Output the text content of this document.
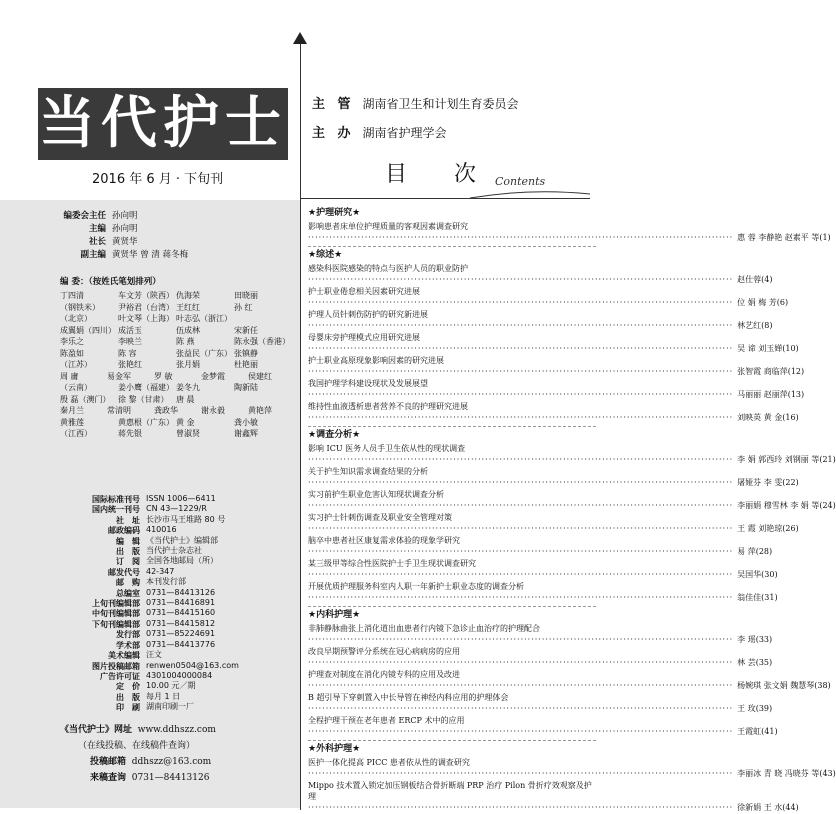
当代护士
2016 年 6 月 · 下旬刊
主 管 湖南省卫生和计划生育委员会
主 办 湖南省护理学会
目 次 Contents
编委会主任 孙向明
主编 孙向明
社长 黄贤华
副主编 黄贤华 曾 清 蒋冬梅
编 委：（按姓氏笔划排列）
丁四清	车文芳（陕西） 仇海荣	田晓丽
（钢铁米）	尹裕君（台湾） 王红红	孙 红
（北京）	叶文琴（上海） 叶志弘（浙江）
成翼娟（四川） 成活玉	伍成林	宋新任
李乐之	李映兰	陈 燕	陈永强（香港）
陈盈如	陈 容	张益民（广东） 张镇静
（江苏）	张艳红	张月娟	杜艳丽
周 庸	易金军	罗 敏	金梦霞	侯建红
（云南）	姜小鹰（福建） 姜冬九	陶新陆
殷 磊（澳门） 徐 黎（甘肃） 唐 晨
秦月兰	常清明	龚政华	谢永毅	黄艳萍
黄雅莲	黄惠根（广东） 黄 金	龚小敏
（江西）	蒋先银	曾淑贤	谢鑫辉
国际标准刊号 ISSN 1006—6411
国内统一刊号 CN 43—1229/R
社　址 长沙市马王堆路 80 号
邮政编码 410016
编　辑 《当代护士》编辑部
出　版 当代护士杂志社
订　阅 全国各地邮局（所）
邮发代号 42-347
邮　购 本刊发行部
总编室 0731—84413126
上旬刊编辑部 0731—84416891
中旬刊编辑部 0731—84415160
下旬刊编辑部 0731—84415812
发行部 0731—85224691
学术部 0731—84413776
美术编辑 汪文
图片投稿邮箱 renwen0504@163.com
广告许可证 4301004000084
定　价 10.00 元／期
出　版 每月 1 日
印　刷 湖南印刷一厂
《当代护士》网址 www.ddhszz.com
（在线投稿、在线稿件查询）
投稿邮箱 ddhszz@163.com
来稿查询 0731—84413126
★护理研究★
影响患者床单位护理质量的客观因素调查研究
························································································································ 惠 蓉 李静艳 赵素平 等(1)
★综述★
感染科医院感染的特点与医护人员的职业防护
························································································································ 赵仕蓉(4)
护士职业倦怠相关因素研究进展
························································································································ 位 娟 梅 芳(6)
护理人员针刺伤防护的研究新进展
························································································································ 林艺红(8)
母婴床旁护理模式应用研究进展
························································································································ 吴 谛 刘玉婵(10)
护士职业高原现象影响因素的研究进展
························································································································ 张智霞 商临萍(12)
我国护理学科建设现状及发展展望
························································································································ 马丽丽 赵丽萍(13)
维持性血液透析患者营养不良的护理研究进展
························································································································ 刘映英 黄 金(16)
★调查分析★
影响 ICU 医务人员手卫生依从性的现状调查
························································································································ 李 娟 郭西玲 刘钢丽 等(21)
关于护生知识需求调查结果的分析
························································································································ 屠娅芬 李 雯(22)
实习前护生职业危害认知现状调查分析
························································································································ 李丽娟 穆雪林 李 娟 等(24)
实习护士针刺伤调查及职业安全管理对策
························································································································ 王 霞 刘艳琼(26)
脑卒中患者社区康复需求体验的现象学研究
························································································································ 易 萍(28)
某三级甲等综合性医院护士手卫生现状调查研究
························································································································ 吴国华(30)
开展优质护理服务科室内人职一年新护士职业态度的调查分析
························································································································ 翁佳佳(31)
★内科护理★
非肺静脉曲张上消化道出血患者行内镜下急诊止血治疗的护理配合
························································································································ 李 瑶(33)
改良早期预警评分系统在冠心病病房的应用
························································································································ 林 芸(35)
护理查对制度在消化内镜专科的应用及改进
························································································································ 杨婉琪 张文娟 魏慧琴(38)
B 超引导下穿刺置入中长导管在神经内科应用的护理体会
························································································································ 王 玫(39)
全程护理干预在老年患者 ERCP 术中的应用
························································································································ 王霞虹(41)
★外科护理★
医护一体化提高 PICC 患者依从性的调查研究
························································································································ 李丽冰 青 晓 冯晓芬 等(43)
Mippo 技术置入锁定加压钢板结合骨折断端 PRP 治疗 Pilon 骨折疗效观察及护理
························································································································ 徐新娟 王 水(44)
